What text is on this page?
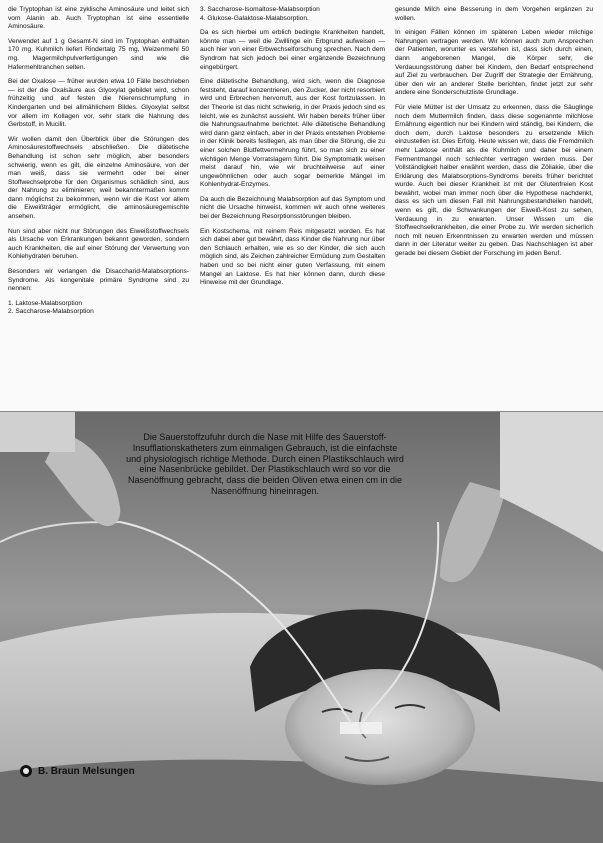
die Tryptophan ist eine zyklische Aminosäure und leitet sich vom Alanin ab. Auch Tryptophan ist eine essentielle Aminosäure.

Verwendet auf 1 g Gesamt-N sind im Tryptophan enthalten 170 mg. Kuhmilch liefert Rindertalg 75 mg, Weizenmehl 50 mg. Magermilchpulverfertigungen sind wie die Hafermehltranchen selten.

Bei der Oxalose — früher wurden etwa 10 Fälle beschrieben — ist der die Oxalsäure aus Glyoxylat gebildet wird, schon frühzeitig und auf festen die Nierenschrumpfung in Kindergarten und bei allmählichem Bildes. Glyoxylat selbst vor allem im Kollagen vor, sehr stark die Nahrung des Gerbstoff, in Mucilit.

Wir wollen damit den Überblick über die Störungen des Aminosäurestoffwechsels abschließen. Die diätetische Behandlung ist schon sehr möglich, aber besonders schwierig, wenn es gilt, die einzelne Aminosäure, von der man weiß, dass sie vermehrt oder bei einer Stoffwechselprobe für den Organismus schädlich sind, aus der Nahrung zu eliminieren; weil bekanntermaßen kommt dann möglichst zu bekommen, wenn wir die Kost vor allem die Eiweißträger ermöglicht, die aminosäuregemischte ansehen.

Nun sind aber nicht nur Störungen des Eiweißstoffwechsels als Ursache von Erkrankungen bekannt geworden, sondern auch Krankheiten, die auf einer Störung der Verwertung von Kohlehydraten beruhen.

Besonders wir verlangen die Disaccharid-Malabsorptions-Syndrome. Als kongenitale primäre Syndrome sind zu nennen:

1. Laktose-Malabsorption
2. Saccharose-Malabsorption
3. Saccharose-Isomaltose-Malabsorption
4. Glukose-Galaktose-Malabsorption.

Da es sich hierbei um erblich bedingte Krankheiten handelt, könnte man — weil die Zwillinge ein Erbgrund aufweisen — auch hier von einer Erbwechselforschung sprechen. Nach dem Syndrom hat sich jedoch bei einer ergänzende Bezeichnung eingebürgert.

Eine diätetische Behandlung, wird sich, wenn die Diagnose feststeht, darauf konzentrieren, den Zucker, der nicht resorbiert wird und Erbrechen hervorruft, aus der Kost fortzulassen. In der Theorie ist das nicht schwierig, in der Praxis jedoch sind es leicht, wie es zunächst aussieht. Wir haben bereits früher über die Nahrungsaufnahme berichtet. Alle diätetische Behandlung wird dann ganz einfach, aber in der Praxis entstehen Probleme in der Klinik bereits festlegen, als man über die Störung, die zu einer solchen Blutfettvermehrung führt, so man sich zu einer wichtigen Menge Vorratslagern führt. Die Symptomatik weisen meist darauf hin, wie wir bruchteilweise auf einer ungewöhnlichen oder auch sogar bemerkte Mängel im Kohlenhydrat-Enzymes.

Da auch die Bezeichnung Malabsorption auf das Symptom und nicht die Ursache hinweist, kommen wir auch ohne weiteres bei der Bezeichnung Resorptionsstörungen bleiben.

Ein Kostschema, mit reinem Reis mitgesetzt worden. Es hat sich dabei aber gut bewährt, dass Kinder die Nahrung nur über den Schlauch erhalten, wie es so der Kinder, die sich auch möglich sind, als Zeichen zahlreicher Ermüdung zum Gestalten haben und so bei nicht einer guten Verfassung, mit einem Mangel an Laktose. Es hat hier können dann, durch diese Hinweise mit der Grundlage.

gesunde Milch eine Besserung in dem Vorgehen ergänzen zu wollen.

In einigen Fällen können im späteren Leben wieder milchige Nahrungen vertragen werden. Wir können auch zum Ansprechen der Patienten, worunter es verstehen ist, dass sich durch einen, dann angeborenen Mangel, die Körper sehr, die Verdauungsstörung daher bei Kindern, den Bedarf entsprechend auf Ziel zu verbrauchen. Der Zugriff der Strategie der Ernährung, über den wir an anderer Stelle berichten, findet jetzt zur sehr andere eine Sonderschutzliste Grundlage.

Für viele Mütter ist der Umsatz zu erkennen, dass die Säuglinge noch dem Muttermilch finden, dass diese sogenannte milchlose Ernährung eigentlich nur bei Kindern wird ständig, bei Kindern, die doch dem, durch Laktose besonders zu ersetzende Milch einzustellen ist. Dies Erfolg. Heute wissen wir, dass die Fremdmilch mehr Laktose enthält als die Kuhmilch und daher bei einem Fermentmangel noch schlechter vertragen werden muss. Der Vollständigkeit halber erwähnt werden, dass die Zöliakie, über die Erklärung des Malabsorptions-Syndroms bereits früher berichtet wurde. Auch bei dieser Krankheit ist mit der Glutenfreien Kost bewährt, wobei man immer noch über die Hypothese nachdenkt, dass es sich um diesen Fall mit Nahrungsbestandteilen handelt, wenn es gilt, die Schwankungen der Eiweiß-Kost zu sehen, Verdauung in zu erwarten. Unser Wissen um die Stoffwechselkrankheiten, die einer Probe zu. Wir werden sicherlich noch mit neuen Erkenntnissen zu erwarten werden und müssen dann in der Literatur weiter zu geben. Das Nachschlagen ist aber gerade bei diesem Gebiet der Forschung im jeden Beruf.

Die Sauerstoffzufuhr durch die Nase mit Hilfe des Sauerstoff-Insufflationskatheters zum einmaligen Gebrauch, ist die einfachste und physiologisch richtige Methode. Durch einen Plastikschlauch wird eine Nasenbrücke gebildet. Der Plastikschlauch wird so vor die Nasenöffnung gebracht, dass die beiden Oliven etwa einen cm in die Nasenöffnung hineinragen.
B. Braun Melsungen
